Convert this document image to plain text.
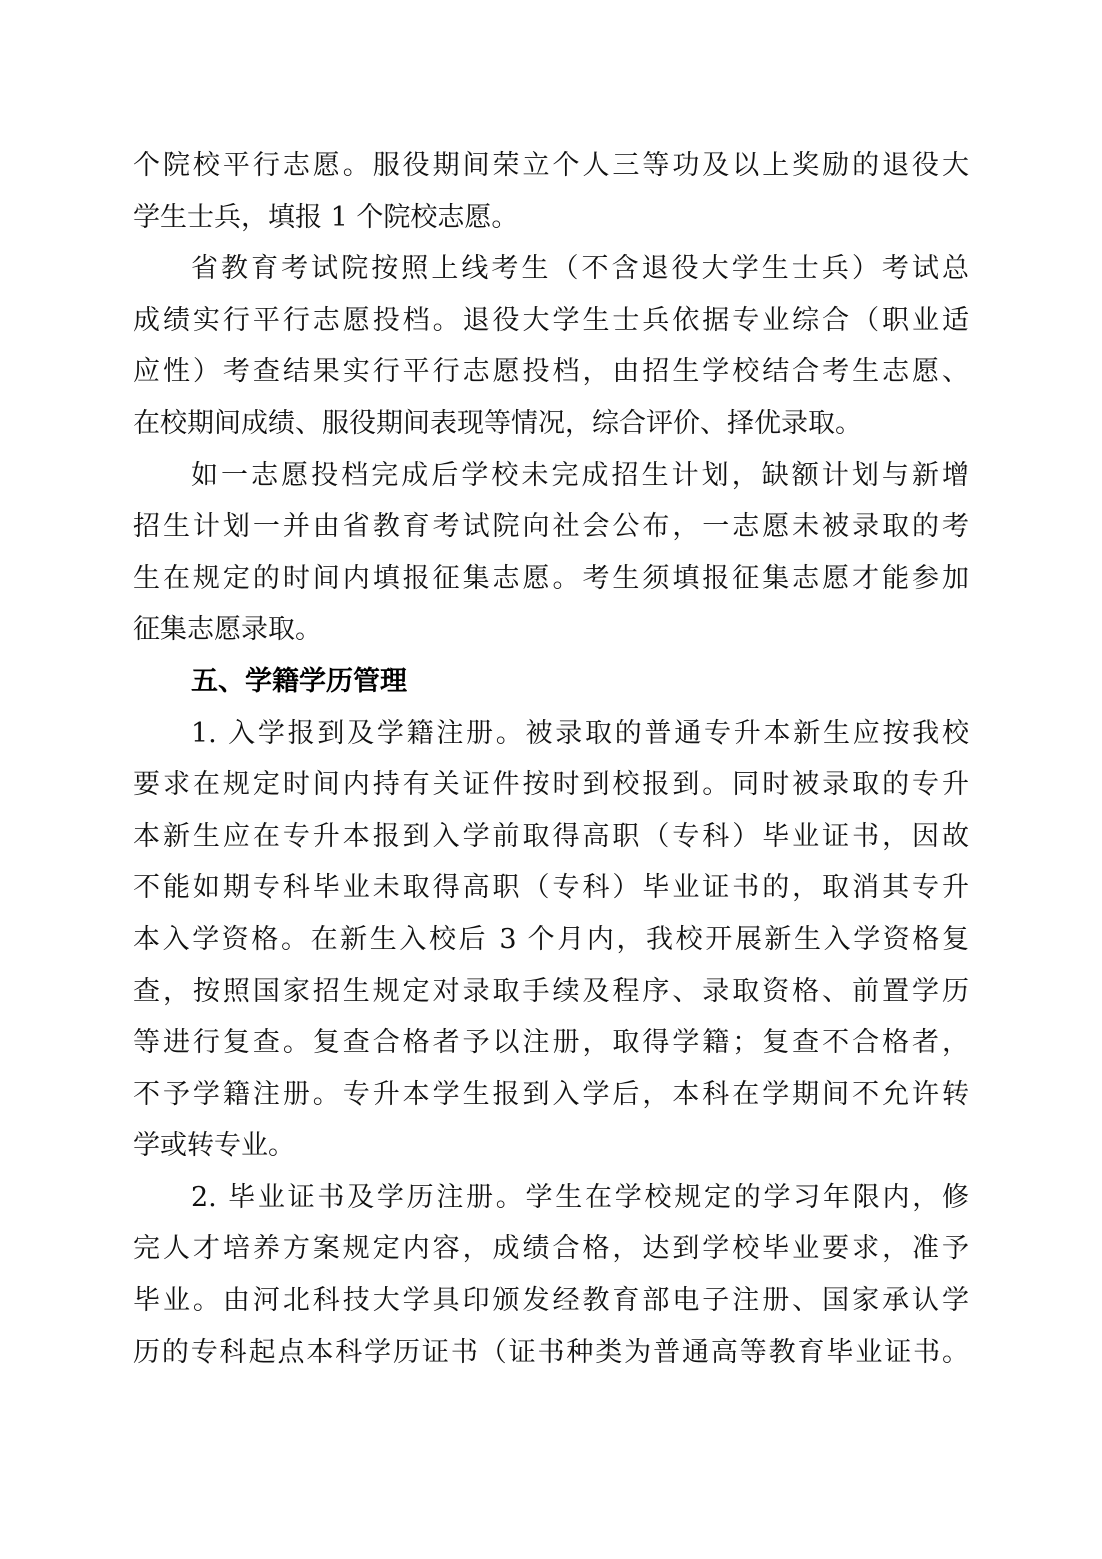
个院校平行志愿。服役期间荣立个人三等功及以上奖励的退役大
学生士兵，填报 1 个院校志愿。
省教育考试院按照上线考生（不含退役大学生士兵）考试总
成绩实行平行志愿投档。退役大学生士兵依据专业综合（职业适
应性）考查结果实行平行志愿投档，由招生学校结合考生志愿、
在校期间成绩、服役期间表现等情况，综合评价、择优录取。
如一志愿投档完成后学校未完成招生计划，缺额计划与新增
招生计划一并由省教育考试院向社会公布，一志愿未被录取的考
生在规定的时间内填报征集志愿。考生须填报征集志愿才能参加
征集志愿录取。
五、学籍学历管理
1. 入学报到及学籍注册。被录取的普通专升本新生应按我校
要求在规定时间内持有关证件按时到校报到。同时被录取的专升
本新生应在专升本报到入学前取得高职（专科）毕业证书，因故
不能如期专科毕业未取得高职（专科）毕业证书的，取消其专升
本入学资格。在新生入校后 3 个月内，我校开展新生入学资格复
查，按照国家招生规定对录取手续及程序、录取资格、前置学历
等进行复查。复查合格者予以注册，取得学籍；复查不合格者，
不予学籍注册。专升本学生报到入学后，本科在学期间不允许转
学或转专业。
2. 毕业证书及学历注册。学生在学校规定的学习年限内，修
完人才培养方案规定内容，成绩合格，达到学校毕业要求，准予
毕业。由河北科技大学具印颁发经教育部电子注册、国家承认学
历的专科起点本科学历证书（证书种类为普通高等教育毕业证书。
